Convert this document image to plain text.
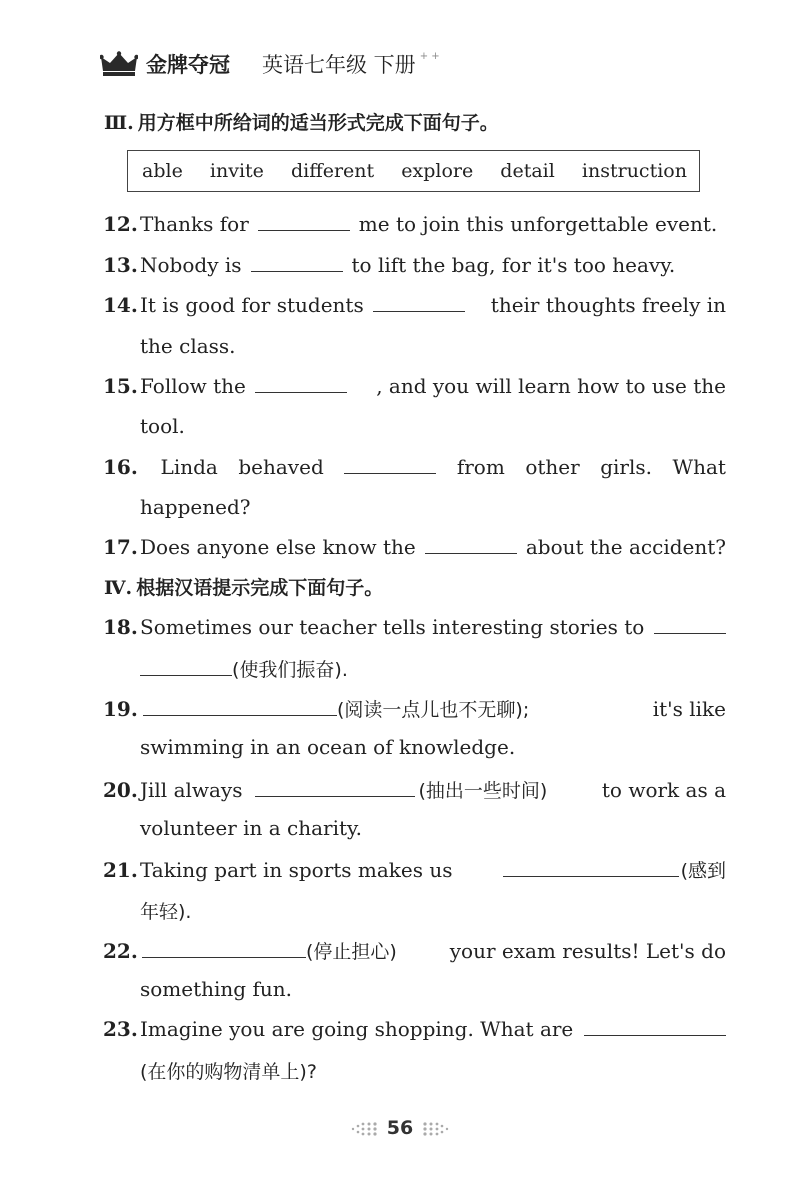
金牌夺冠 英语七年级 下册 + +
Ⅲ. 用方框中所给词的适当形式完成下面句子。
able invite different explore detail instruction
12. Thanks for	me to join this unforgettable event.
13. Nobody is	to lift the bag, for it's too heavy.
14. It is good for students	their thoughts freely in
the class.
15. Follow the	, and you will learn how to use the
tool.
16. Linda behaved	from other girls. What
happened?
17. Does anyone else know the	about the accident?
Ⅳ. 根据汉语提示完成下面句子。
18. Sometimes our teacher tells interesting stories to
(使我们振奋).
19.	(阅读一点儿也不无聊);	it's like
swimming in an ocean of knowledge.
20. Jill always	(抽出一些时间)	to work as a
volunteer in a charity.
21. Taking part in sports makes us	(感到
年轻).
22.	(停止担心)	your exam results! Let's do
something fun.
23. Imagine you are going shopping. What are
(在你的购物清单上)?
56
